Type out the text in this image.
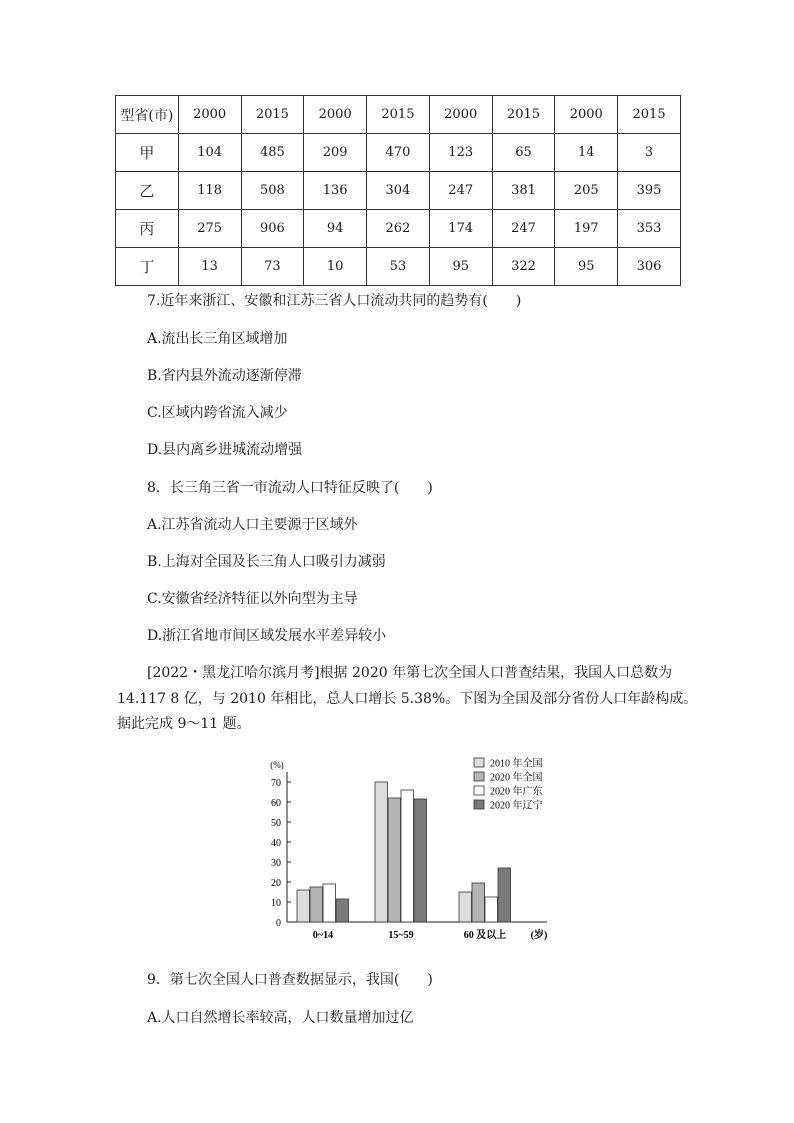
型省(市)	2000	2015	2000	2015	2000	2015	2000	2015
甲	104	485	209	470	123	65	14	3
乙	118	508	136	304	247	381	205	395
丙	275	906	94	262	174	247	197	353
丁	13	73	10	53	95	322	95	306
7.近年来浙江、安徽和江苏三省人口流动共同的趋势有(　　)
A.流出长三角区域增加
B.省内县外流动逐渐停滞
C.区域内跨省流入减少
D.县内离乡进城流动增强
8．长三角三省一市流动人口特征反映了(　　)
A.江苏省流动人口主要源于区域外
B.上海对全国及长三角人口吸引力减弱
C.安徽省经济特征以外向型为主导
D.浙江省地市间区域发展水平差异较小
[2022・黑龙江哈尔滨月考]根据 2020 年第七次全国人口普查结果，我国人口总数为
14.117 8 亿，与 2010 年相比，总人口增长 5.38%。下图为全国及部分省份人口年龄构成。
据此完成 9～11 题。
(%)
0
10
20
30
40
50
60
70
0~14	15~59	60 及以上 (岁)
2010 年全国
2020 年全国
2020 年广东
2020 年辽宁
9．第七次全国人口普查数据显示，我国(　　)
A.人口自然增长率较高，人口数量增加过亿
